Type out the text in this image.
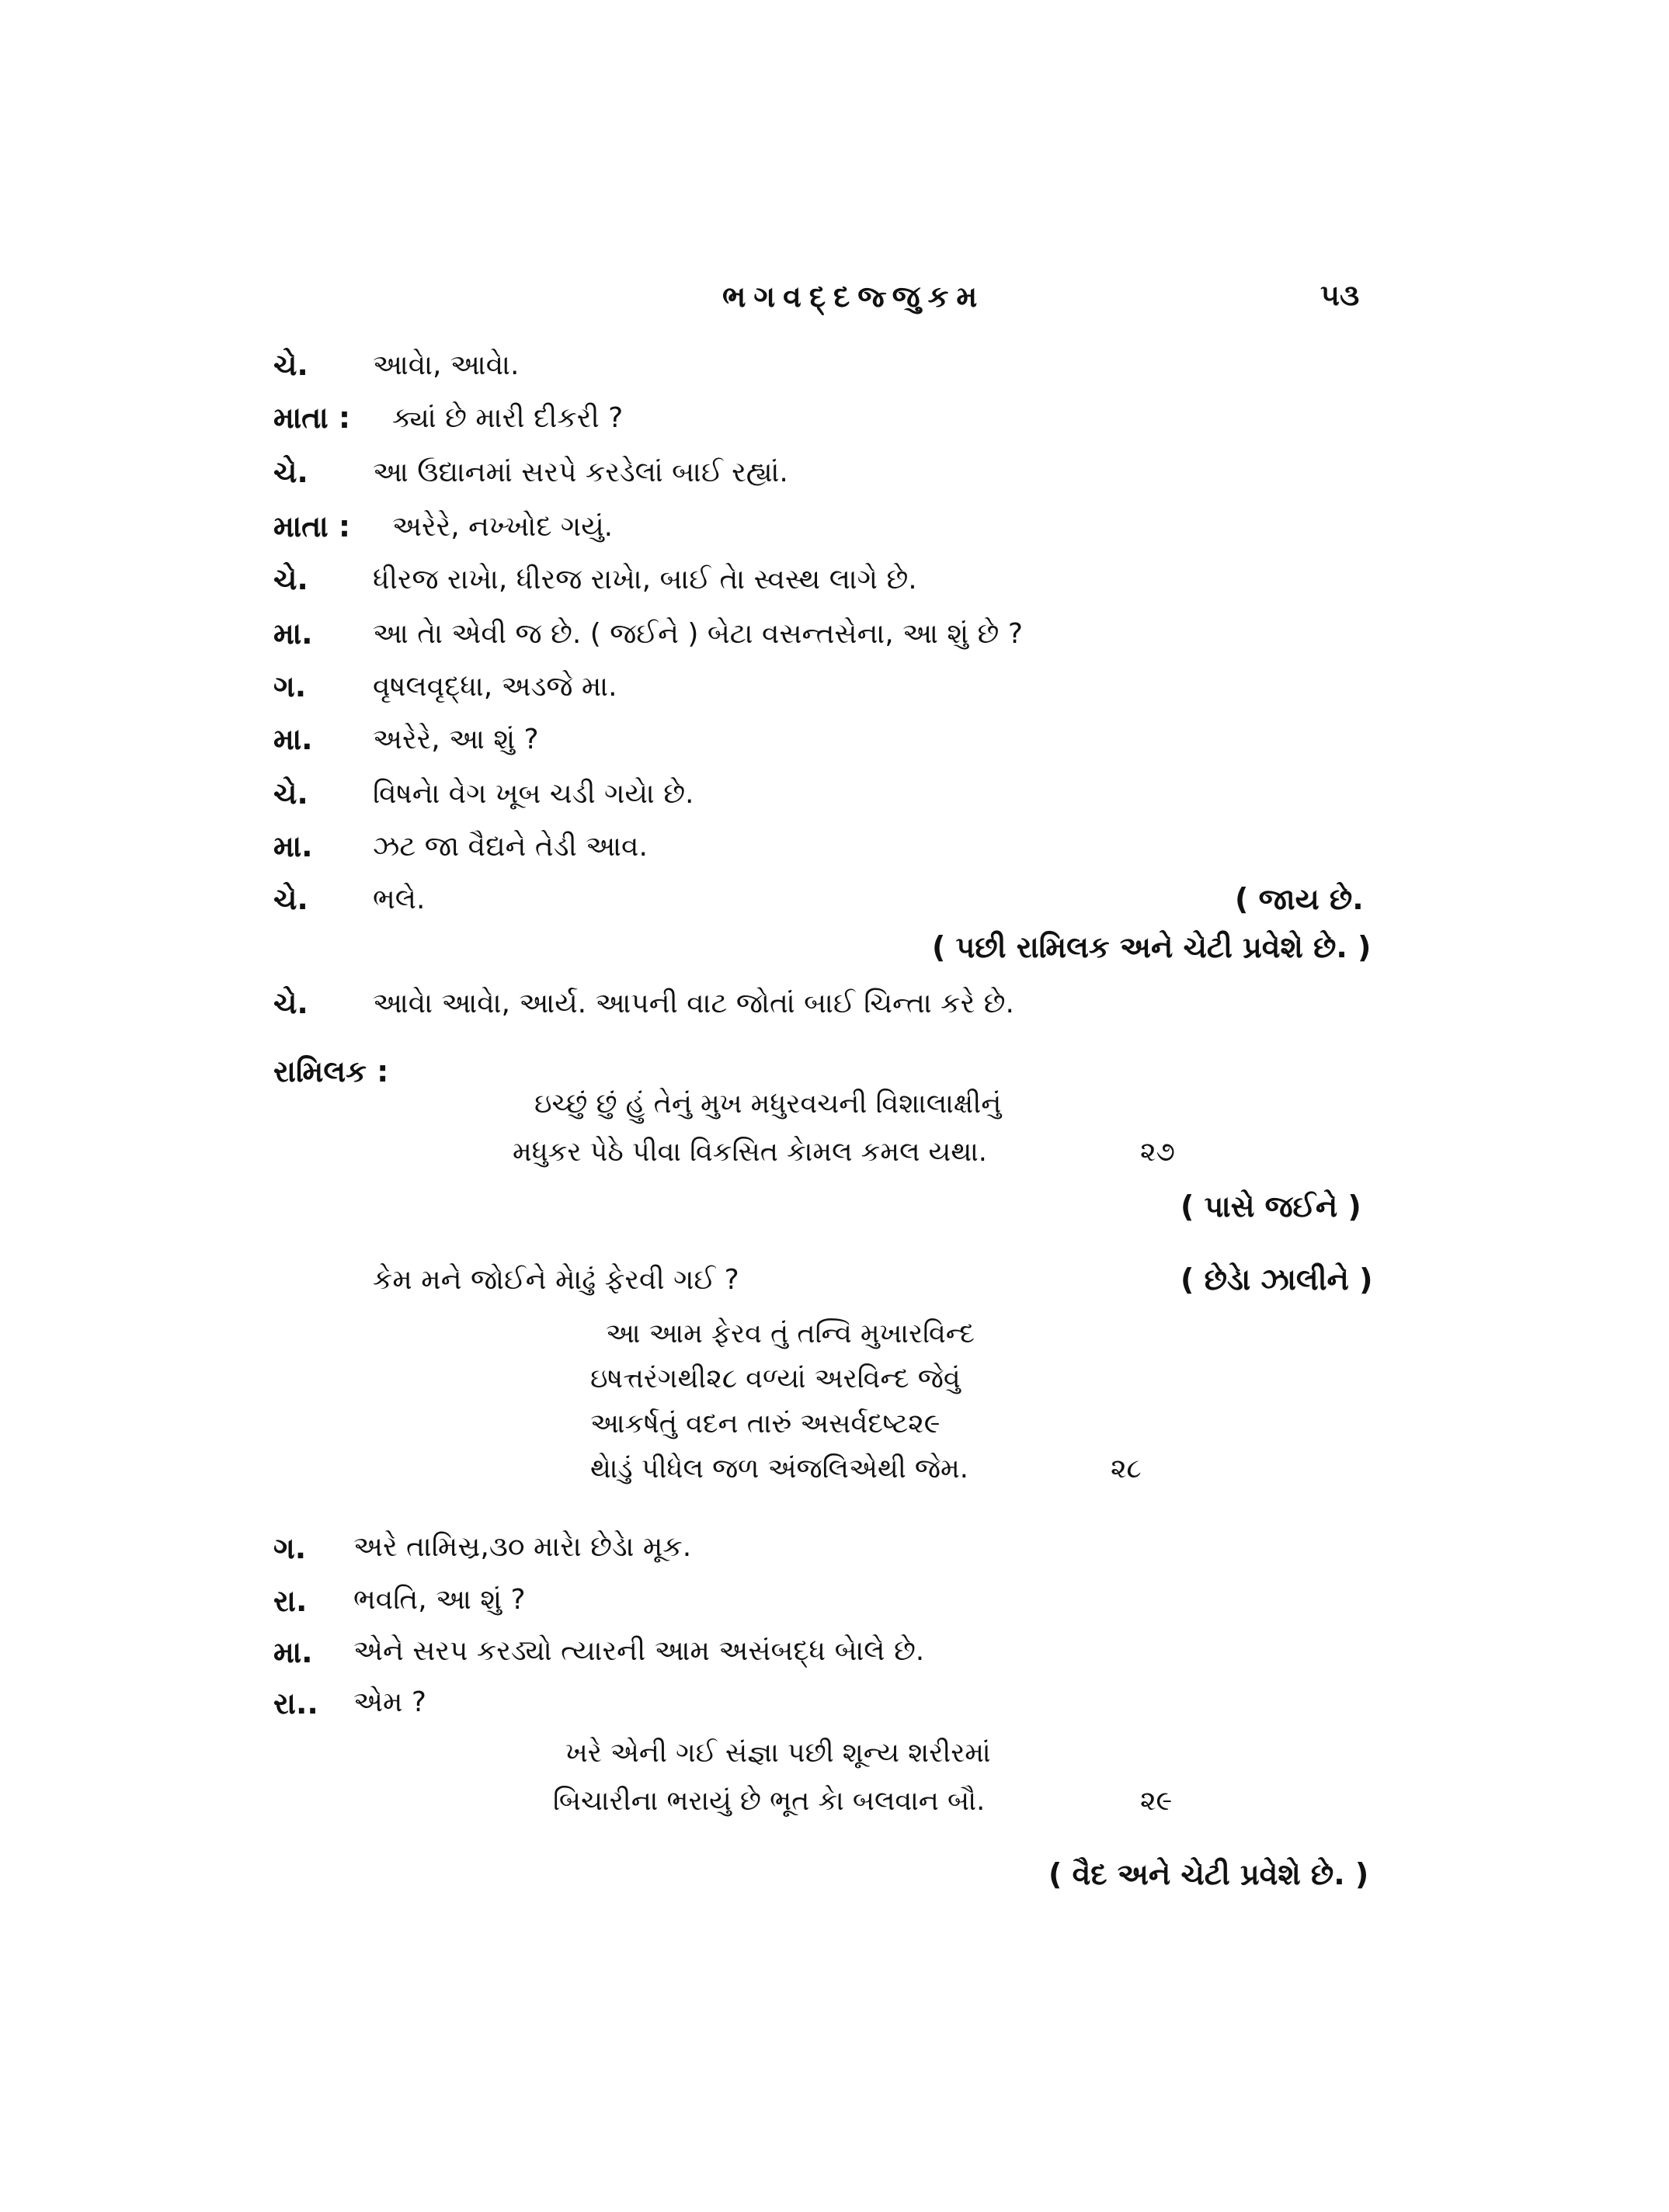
ભગવદ્દજ્જુકમ	૫૩
ચે. આવેા, આવેા.
માતા : ક્યાં છે મારી દીકરી ?
ચે. આ ઉદ્યાનમાં સરપે કરડેલાં બાઈ રહ્યાં.
માતા : અરેરે, નખ્ખોદ ગયું.
ચે. ધીરજ રાખેા, ધીરજ રાખેા, બાઈ તેા સ્વસ્થ લાગે છે.
મા. આ તેા એવી જ છે. ( જઈને ) બેટા વસન્તસેના, આ શું છે ?
ગ. વૃષલવૃદ્ધા, અડજે મા.
મા. અરેરે, આ શું ?
ચે. વિષનેા વેગ ખૂબ ચડી ગયેા છે.
મા. ઝટ જા વૈદ્યને તેડી આવ.
ચે. ભલે.	( જાય છે.
( પછી રામિલક અને ચેટી પ્રવેશે છે. )
ચે. આવેા આવેા, આર્ય. આપની વાટ જોતાં બાઈ ચિન્તા કરે છે.
રામિલક :
ઇચ્છું છું હું તેનું મુખ મધુરવચની વિશાલાક્ષીનું
મધુકર પેઠે પીવા વિકસિત કેામલ કમલ યથા.	૨૭
( પાસે જઈને )
કેમ મને જોઈને મેાઢું ફેરવી ગઈ ?	( છેડેા ઝાલીને )
આ આમ ફેરવ તું તન્વિ મુખારવિન્દ
ઇષત્તરંગથી૨૮ વળ્યાં અરવિન્દ જેવું
આકર્ષતું વદન તારું અસર્વદષ્ટ૨૯
થેાડું પીધેલ જળ અંજલિએથી જેમ.	૨૮
ગ. અરે તામિસ્ર,૩૦ મારેા છેડેા મૂક.
રા. ભવતિ, આ શું ?
મા. એને સરપ કરડ્યો ત્યારની આમ અસંબદ્ધ બેાલે છે.
રા.. એમ ?
ખરે એની ગઈ સંજ્ઞા પછી શૂન્ય શરીરમાં
બિચારીના ભરાયું છે ભૂત કેા બલવાન બૌ.	૨૯
( વૈદ અને ચેટી પ્રવેશે છે. )
